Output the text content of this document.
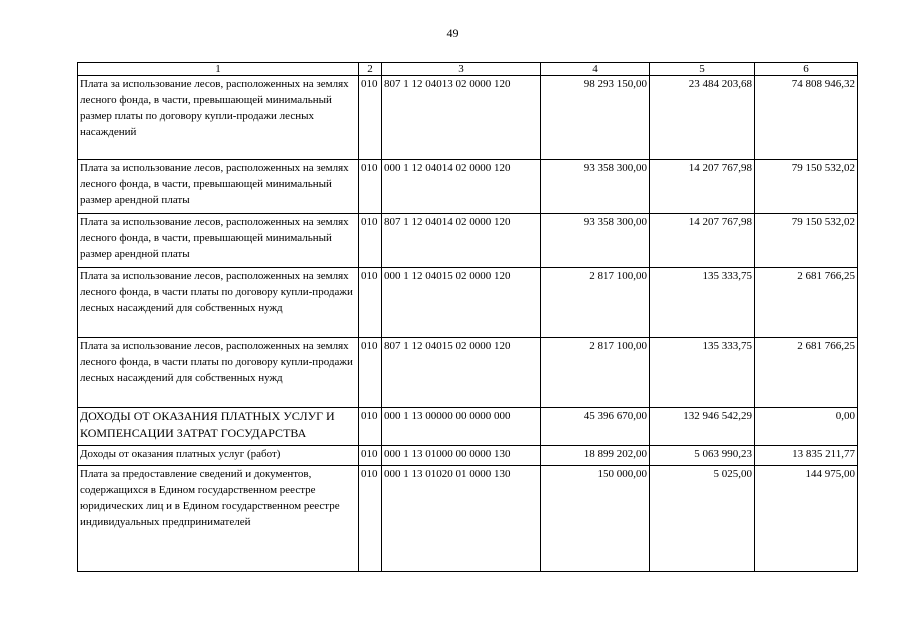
49
1	2	3	4	5	6
Плата за использование лесов, расположенных на землях лесного фонда, в части, превышающей минимальный размер платы по договору купли-продажи лесных насаждений	010	807 1 12 04013 02 0000 120	98 293 150,00	23 484 203,68	74 808 946,32
Плата за использование лесов, расположенных на землях лесного фонда, в части, превышающей минимальный размер арендной платы	010	000 1 12 04014 02 0000 120	93 358 300,00	14 207 767,98	79 150 532,02
Плата за использование лесов, расположенных на землях лесного фонда, в части, превышающей минимальный размер арендной платы	010	807 1 12 04014 02 0000 120	93 358 300,00	14 207 767,98	79 150 532,02
Плата за использование лесов, расположенных на землях лесного фонда, в части платы по договору купли-продажи лесных насаждений для собственных нужд	010	000 1 12 04015 02 0000 120	2 817 100,00	135 333,75	2 681 766,25
Плата за использование лесов, расположенных на землях лесного фонда, в части платы по договору купли-продажи лесных насаждений для собственных нужд	010	807 1 12 04015 02 0000 120	2 817 100,00	135 333,75	2 681 766,25
ДОХОДЫ ОТ ОКАЗАНИЯ ПЛАТНЫХ УСЛУГ И КОМПЕНСАЦИИ ЗАТРАТ ГОСУДАРСТВА	010	000 1 13 00000 00 0000 000	45 396 670,00	132 946 542,29	0,00
Доходы от оказания платных услуг (работ)	010	000 1 13 01000 00 0000 130	18 899 202,00	5 063 990,23	13 835 211,77
Плата за предоставление сведений и документов, содержащихся в Едином государственном реестре юридических лиц и в Едином государственном реестре индивидуальных предпринимателей	010	000 1 13 01020 01 0000 130	150 000,00	5 025,00	144 975,00
